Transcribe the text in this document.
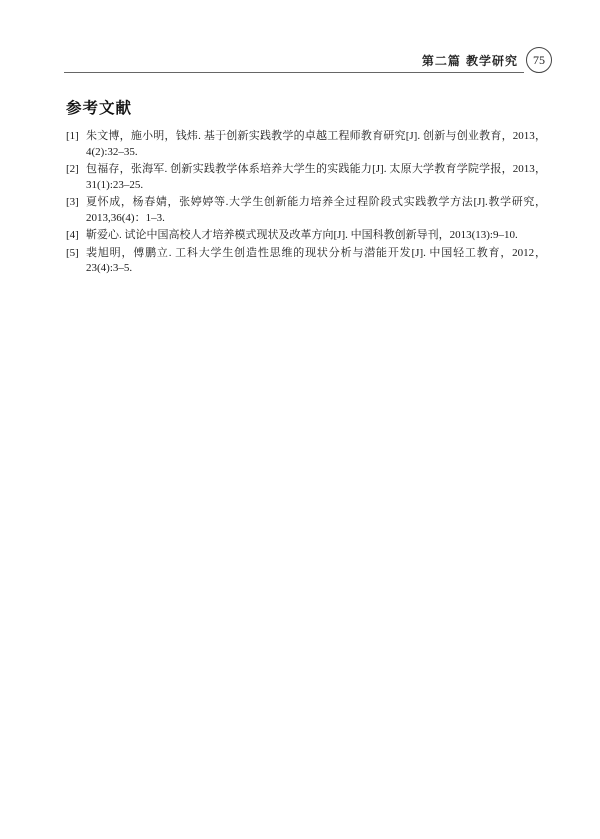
第二篇 教学研究	75
参考文献
[1] 朱文博，施小明，钱炜. 基于创新实践教学的卓越工程师教育研究[J]. 创新与创业教育，2013，4(2):32–35.
[2] 包福存，张海军. 创新实践教学体系培养大学生的实践能力[J]. 太原大学教育学院学报，2013，31(1):23–25.
[3] 夏怀成，杨春婧，张婷婷等.大学生创新能力培养全过程阶段式实践教学方法[J].教学研究，2013,36(4)：1–3.
[4] 靳爱心. 试论中国高校人才培养模式现状及改革方向[J]. 中国科教创新导刊，2013(13):9–10.
[5] 裴旭明，傅鹏立. 工科大学生创造性思维的现状分析与潜能开发[J]. 中国轻工教育，2012，23(4):3–5.
